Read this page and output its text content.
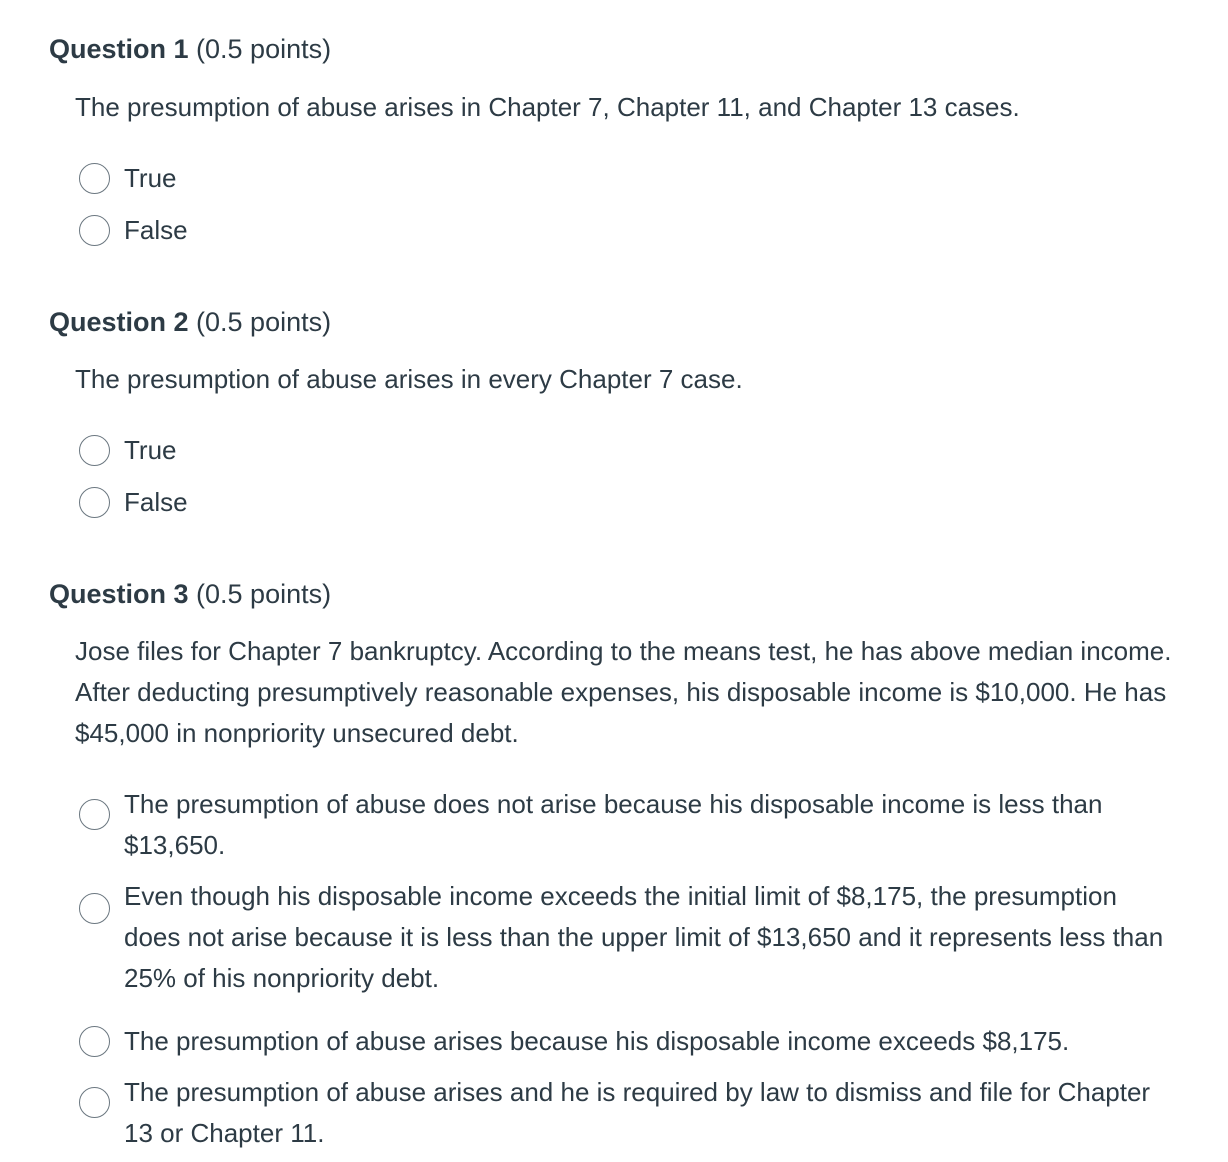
Question 1 (0.5 points)
The presumption of abuse arises in Chapter 7, Chapter 11, and Chapter 13 cases.
True
False
Question 2 (0.5 points)
The presumption of abuse arises in every Chapter 7 case.
True
False
Question 3 (0.5 points)
Jose files for Chapter 7 bankruptcy. According to the means test, he has above median income. After deducting presumptively reasonable expenses, his disposable income is $10,000. He has $45,000 in nonpriority unsecured debt.
The presumption of abuse does not arise because his disposable income is less than $13,650.
Even though his disposable income exceeds the initial limit of $8,175, the presumption does not arise because it is less than the upper limit of $13,650 and it represents less than 25% of his nonpriority debt.
The presumption of abuse arises because his disposable income exceeds $8,175.
The presumption of abuse arises and he is required by law to dismiss and file for Chapter 13 or Chapter 11.
